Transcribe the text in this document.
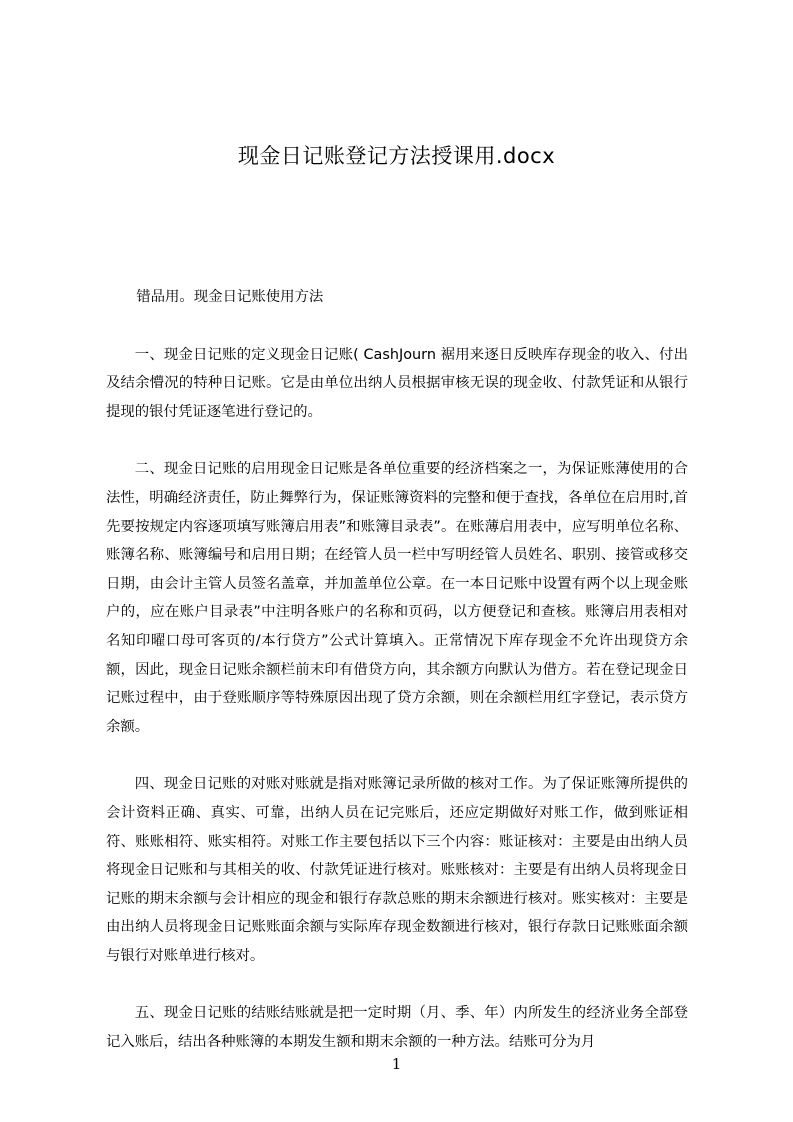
现金日记账登记方法授课用.docx

错品用。现金日记账使用方法

一、现金日记账的定义现金日记账( CashJourn 裾用来逐日反映库存现金的收入、付出及结余懵况的特种日记账。它是由单位出纳人员根据审核无误的现金收、付款凭证和从银行提现的银付凭证逐笔进行登记的。

二、现金日记账的启用现金日记账是各单位重要的经济档案之一，为保证账薄使用的合法性，明确经济责任，防止舞弊行为，保证账簿资料的完整和便于查找，各单位在启用时,首先要按规定内容逐项填写账簿启用表”和账簿目录表”。在账薄启用表中，应写明单位名称、账簿名称、账簿编号和启用日期；在经管人员一栏中写明经管人员姓名、职别、接管或移交日期，由会计主管人员签名盖章，并加盖单位公章。在一本日记账中设置有两个以上现金账户的，应在账户目录表”中注明各账户的名称和页码，以方便登记和查核。账簿启用表相对名知印曜口母可客页的/本行贷方”公式计算填入。正常情况下库存现金不允许出现贷方余额，因此，现金日记账余额栏前末印有借贷方向，其余额方向默认为借方。若在登记现金日记账过程中，由于登账顺序等特殊原因出现了贷方余额，则在余额栏用红字登记，表示贷方余额。

四、现金日记账的对账对账就是指对账簿记录所做的核对工作。为了保证账簿所提供的会计资料正确、真实、可靠，出纳人员在记完账后，还应定期做好对账工作，做到账证相符、账账相符、账实相符。对账工作主要包括以下三个内容：账证核对：主要是由出纳人员将现金日记账和与其相关的收、付款凭证进行核对。账账核对：主要是有出纳人员将现金日记账的期末余额与会计相应的现金和银行存款总账的期末余额进行核对。账实核对：主要是由出纳人员将现金日记账账面余额与实际库存现金数额进行核对，银行存款日记账账面余额与银行对账单进行核对。

五、现金日记账的结账结账就是把一定时期（月、季、年）内所发生的经济业务全部登记入账后，结出各种账簿的本期发生额和期末余额的一种方法。结账可分为月

1
